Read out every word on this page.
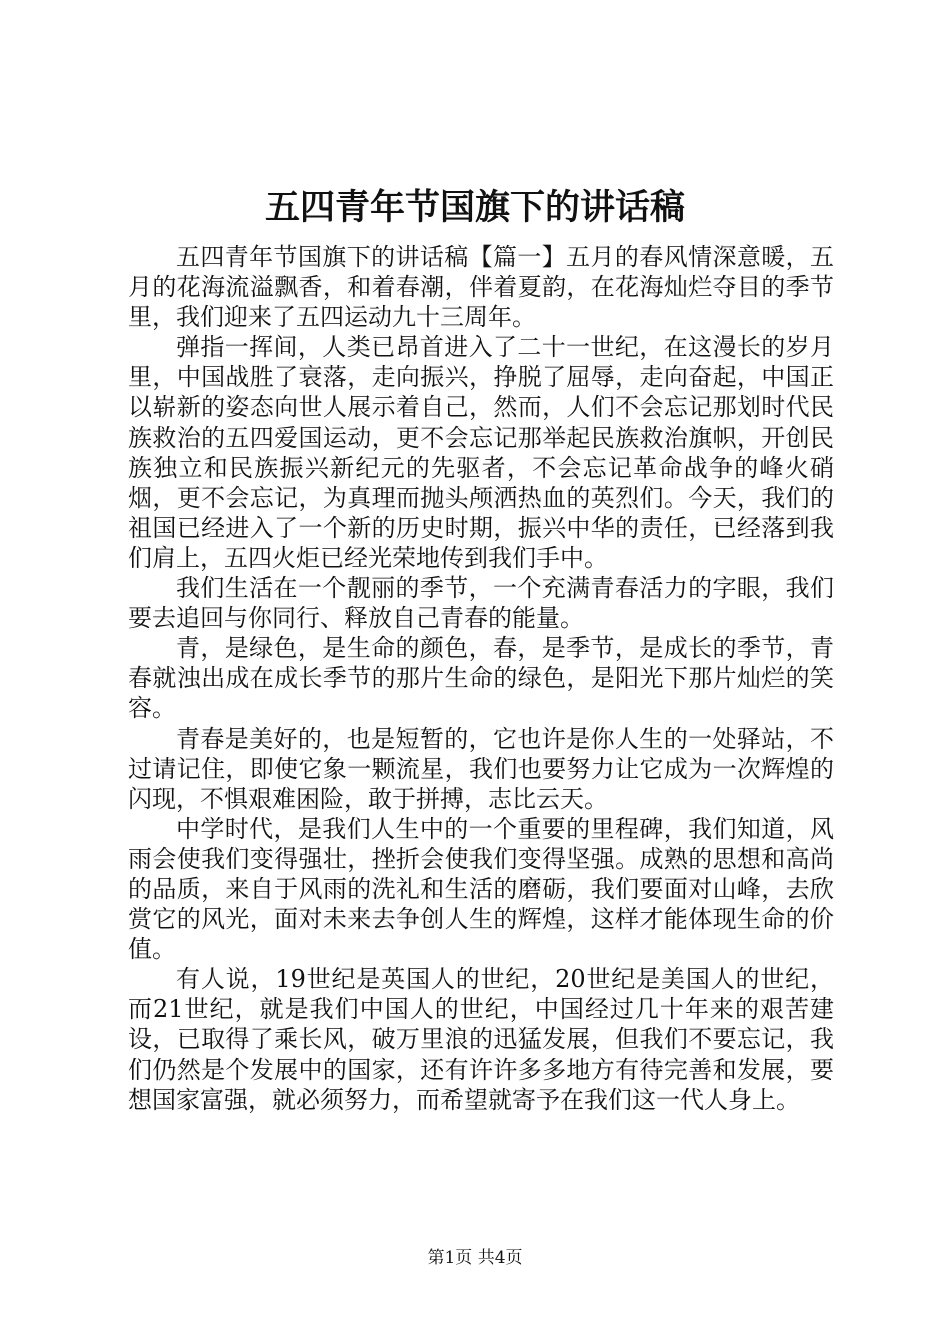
五四青年节国旗下的讲话稿

五四青年节国旗下的讲话稿【篇一】五月的春风情深意暖，五月的花海流溢飘香，和着春潮，伴着夏韵，在花海灿烂夺目的季节里，我们迎来了五四运动九十三周年。

弹指一挥间，人类已昂首进入了二十一世纪，在这漫长的岁月里，中国战胜了衰落，走向振兴，挣脱了屈辱，走向奋起，中国正以崭新的姿态向世人展示着自己，然而，人们不会忘记那划时代民族救治的五四爱国运动，更不会忘记那举起民族救治旗帜，开创民族独立和民族振兴新纪元的先驱者，不会忘记革命战争的峰火硝烟，更不会忘记，为真理而抛头颅洒热血的英烈们。今天，我们的祖国已经进入了一个新的历史时期，振兴中华的责任，已经落到我们肩上，五四火炬已经光荣地传到我们手中。

我们生活在一个靓丽的季节，一个充满青春活力的字眼，我们要去追回与你同行、释放自己青春的能量。

青，是绿色，是生命的颜色，春，是季节，是成长的季节，青春就浊出成在成长季节的那片生命的绿色，是阳光下那片灿烂的笑容。

青春是美好的，也是短暂的，它也许是你人生的一处驿站，不过请记住，即使它象一颗流星，我们也要努力让它成为一次辉煌的闪现，不惧艰难困险，敢于拼搏，志比云天。

中学时代，是我们人生中的一个重要的里程碑，我们知道，风雨会使我们变得强壮，挫折会使我们变得坚强。成熟的思想和高尚的品质，来自于风雨的洗礼和生活的磨砺，我们要面对山峰，去欣赏它的风光，面对未来去争创人生的辉煌，这样才能体现生命的价值。

有人说，19世纪是英国人的世纪，20世纪是美国人的世纪，而21世纪，就是我们中国人的世纪，中国经过几十年来的艰苦建设，已取得了乘长风，破万里浪的迅猛发展，但我们不要忘记，我们仍然是个发展中的国家，还有许许多多地方有待完善和发展，要想国家富强，就必须努力，而希望就寄予在我们这一代人身上。

第1页 共4页
